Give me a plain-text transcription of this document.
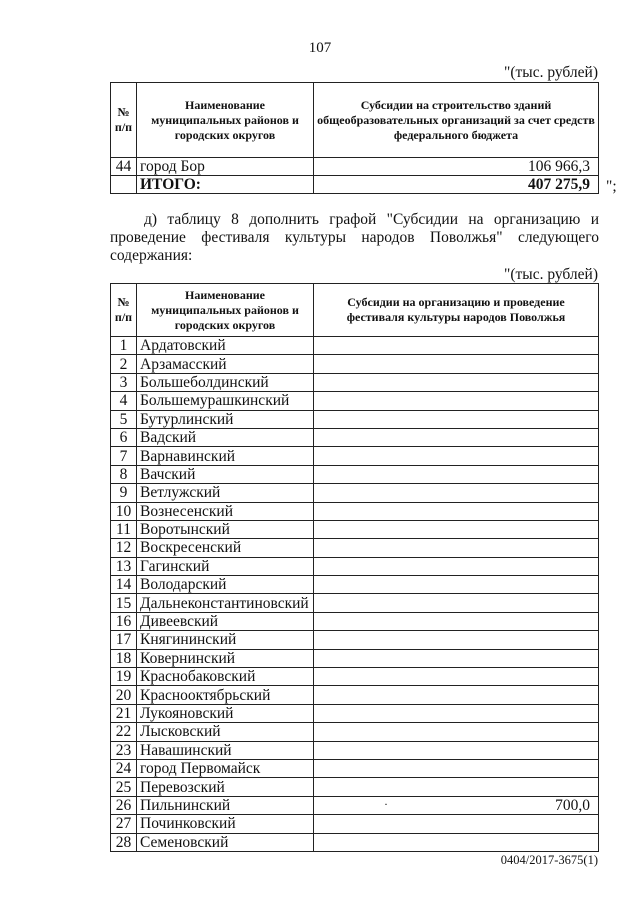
107
"(тыс. рублей)
№ п/п	Наименование муниципальных районов и городских округов	Субсидии на строительство зданий общеобразовательных организаций за счет средств федерального бюджета
44	город Бор	106 966,3
	ИТОГО:	407 275,9 ";

д) таблицу 8 дополнить графой "Субсидии на организацию и проведение фестиваля культуры народов Поволжья" следующего содержания:

"(тыс. рублей)
№ п/п	Наименование муниципальных районов и городских округов	Субсидии на организацию и проведение фестиваля культуры народов Поволжья
1	Ардатовский	
2	Арзамасский	
3	Большеболдинский	
4	Большемурашкинский	
5	Бутурлинский	
6	Вадский	
7	Варнавинский	
8	Вачский	
9	Ветлужский	
10	Вознесенский	
11	Воротынский	
12	Воскресенский	
13	Гагинский	
14	Володарский	
15	Дальнеконстантиновский	
16	Дивеевский	
17	Княгининский	
18	Ковернинский	
19	Краснобаковский	
20	Краснооктябрьский	
21	Лукояновский	
22	Лысковский	
23	Навашинский	
24	город Первомайск	
25	Перевозский	
26	Пильнинский	700,0
·

27	Починковский	
28	Семеновский	
0404/2017-3675(1)
